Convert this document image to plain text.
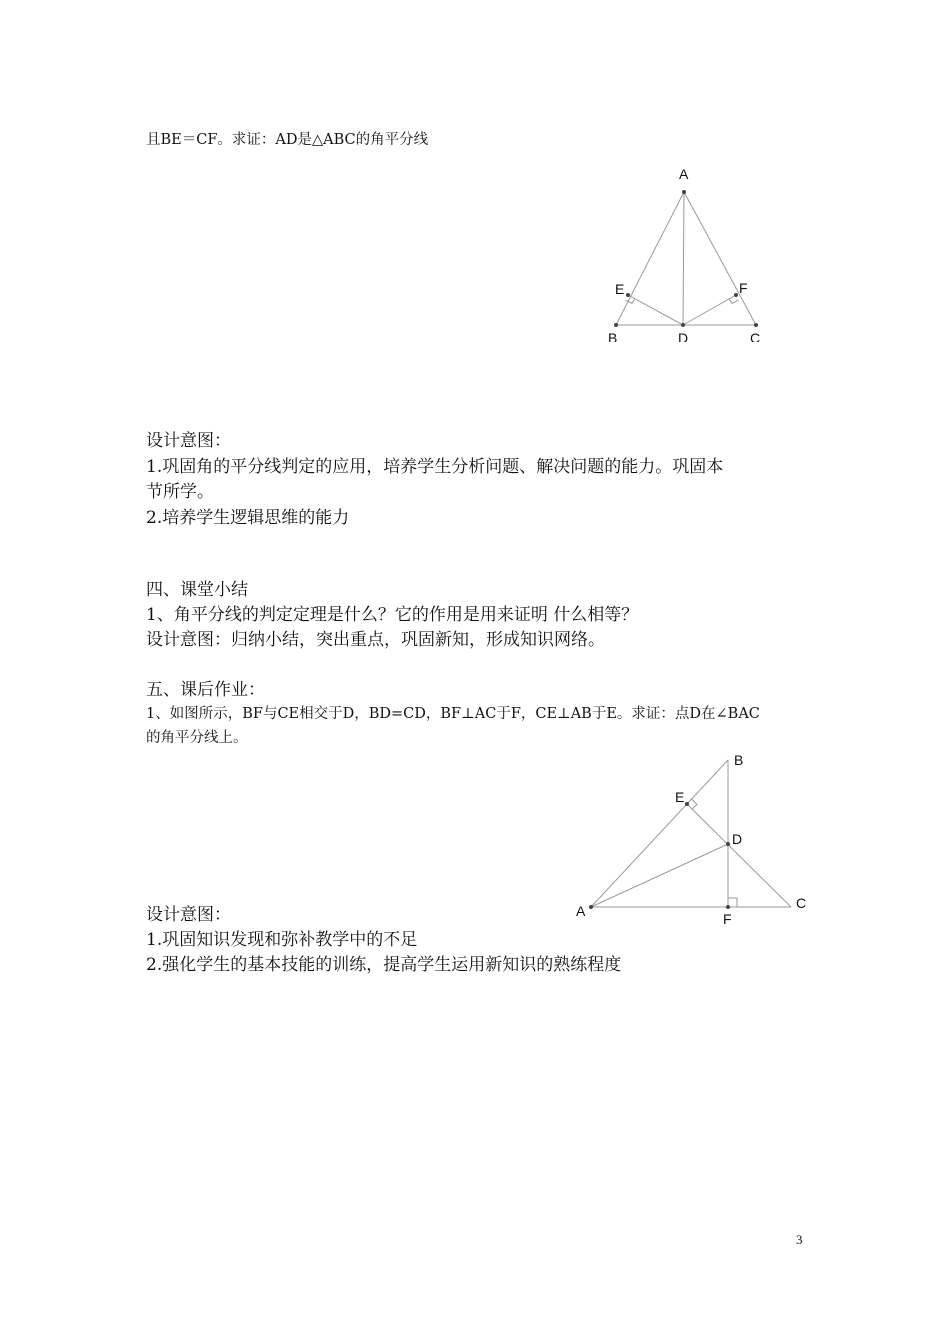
且BE＝CF。求证：AD是△ABC的角平分线
A
E	F
B	D	C
设计意图：
1.巩固角的平分线判定的应用，培养学生分析问题、解决问题的能力。巩固本
节所学。
2.培养学生逻辑思维的能力
四、课堂小结
1、角平分线的判定定理是什么？它的作用是用来证明 什么相等？
设计意图：归纳小结，突出重点，巩固新知，形成知识网络。
五、课后作业：
1、如图所示，BF与CE相交于D，BD=CD，BF⊥AC于F，CE⊥AB于E。求证：点D在∠BAC
的角平分线上。
B
E
D
C
A	F
设计意图：
1.巩固知识发现和弥补教学中的不足
2.强化学生的基本技能的训练，提高学生运用新知识的熟练程度
3
